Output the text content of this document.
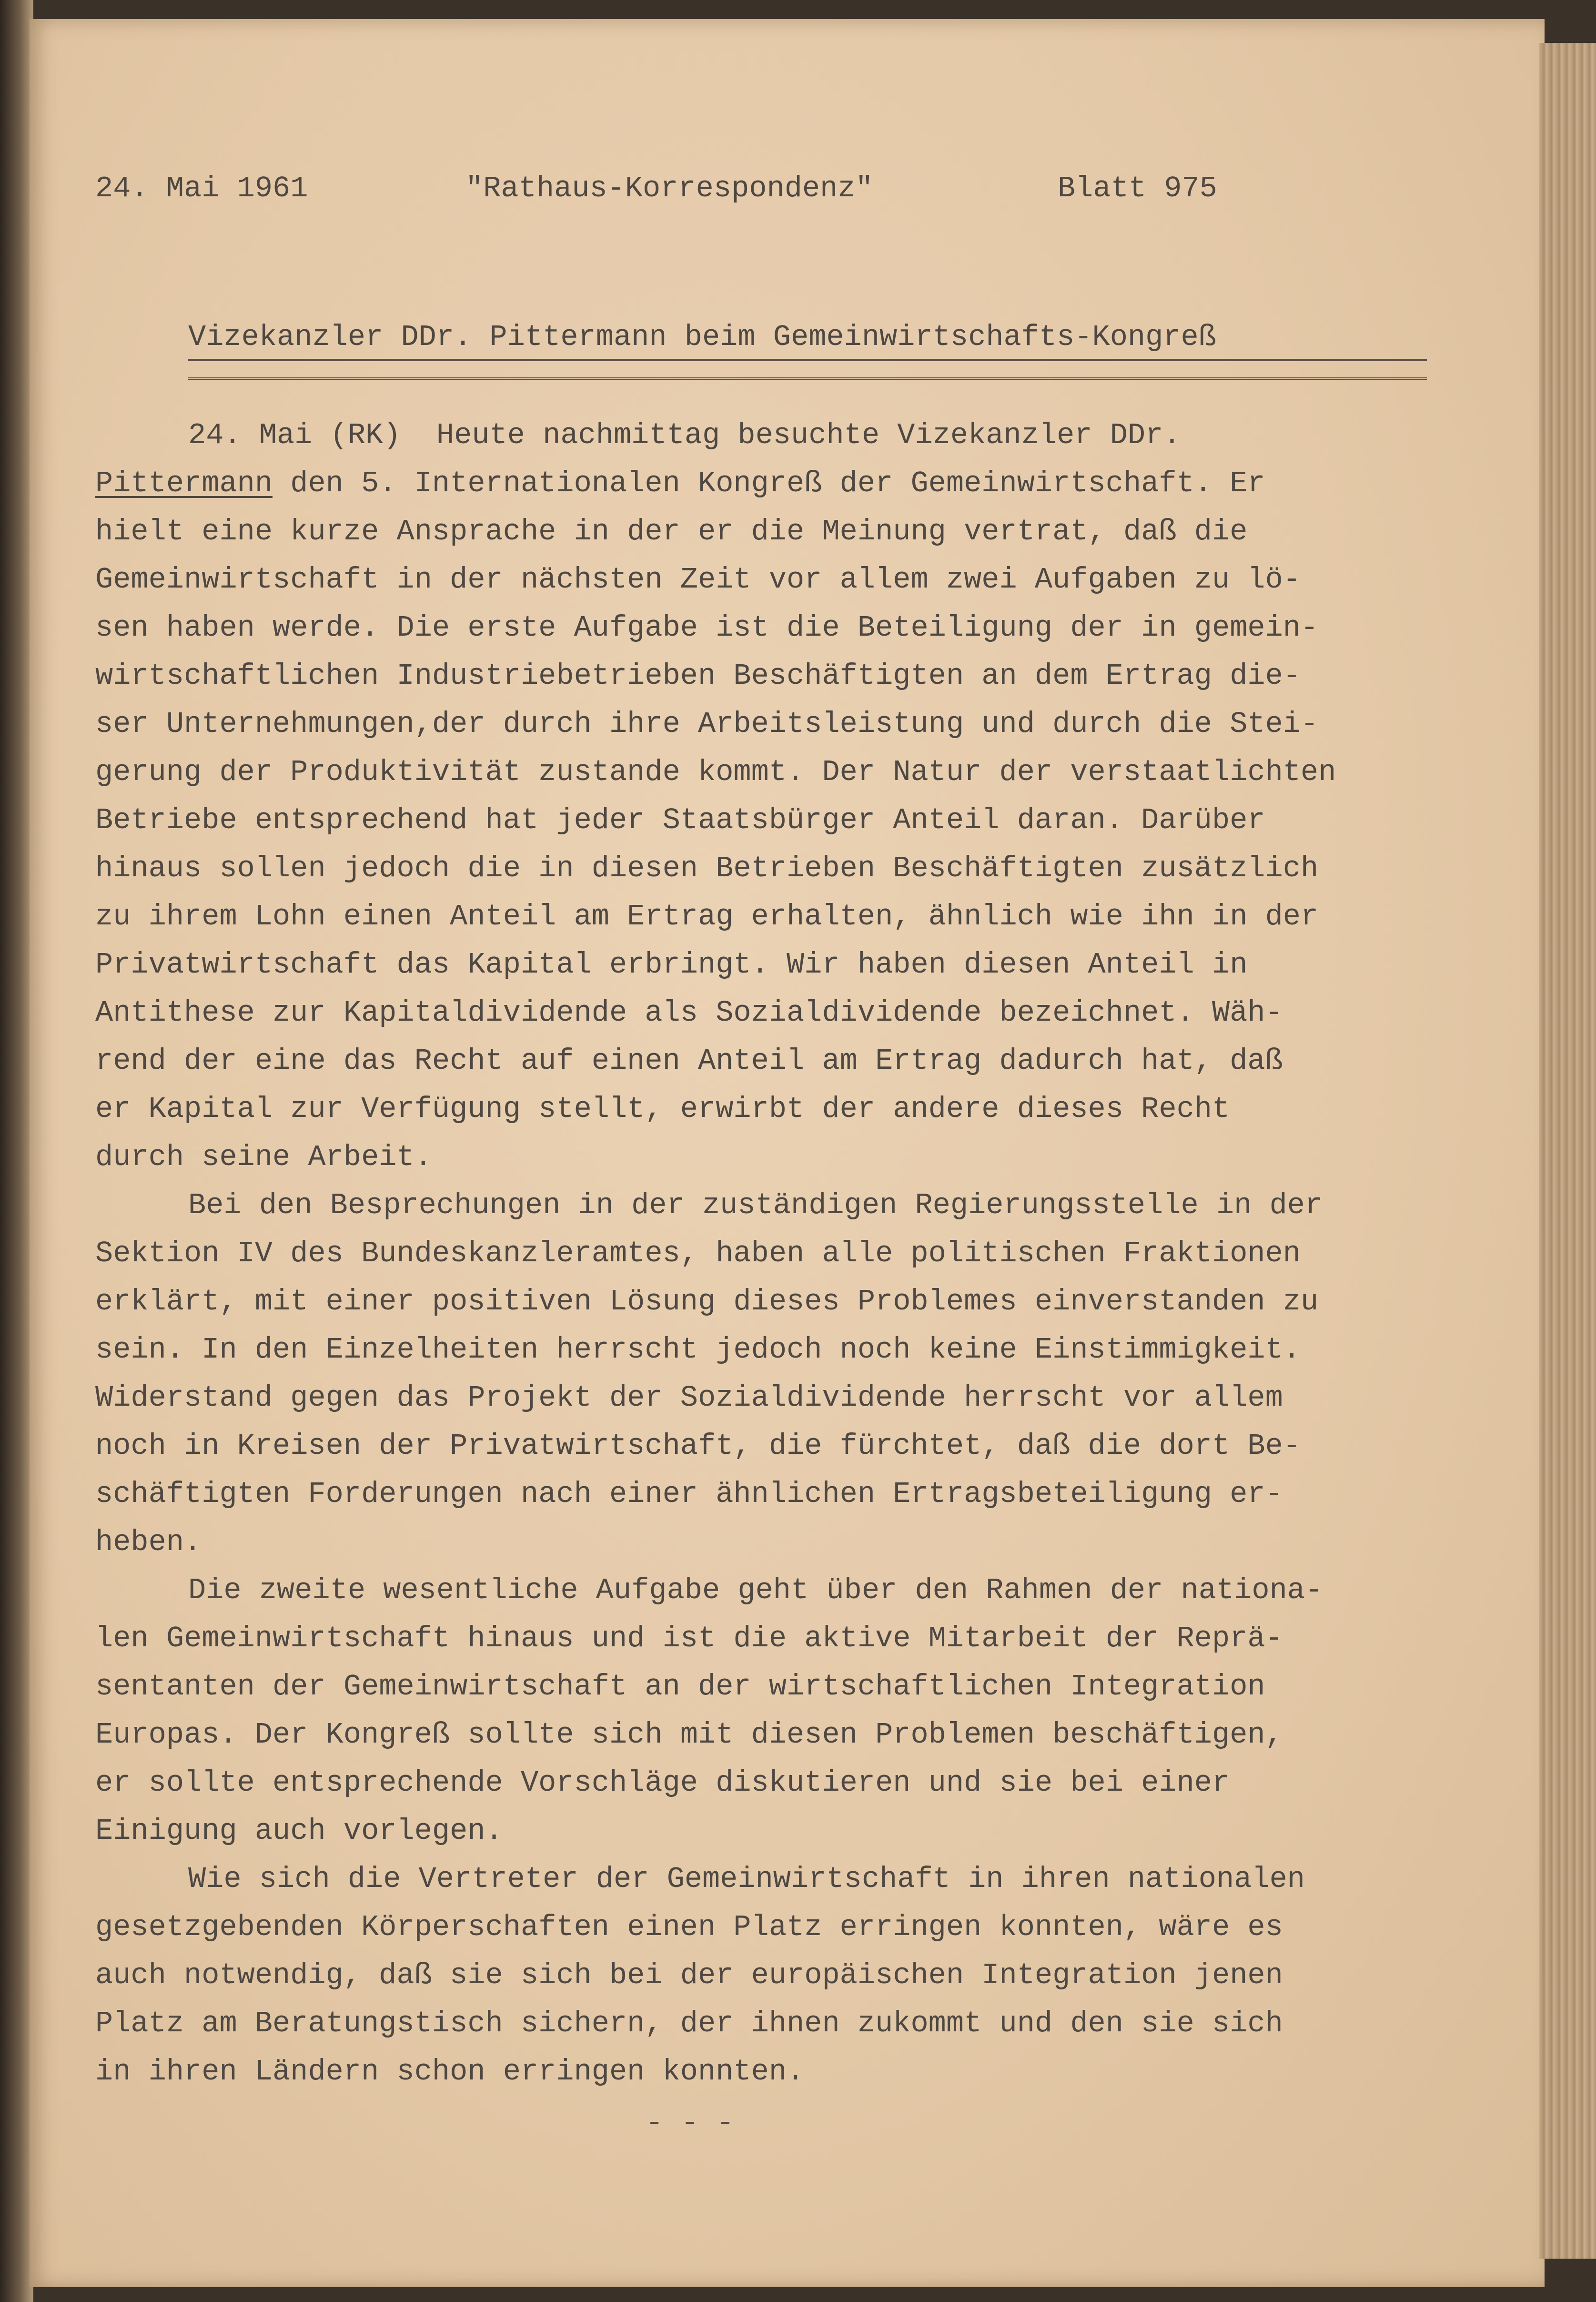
24. Mai 1961	"Rathaus-Korrespondenz"	Blatt 975
Vizekanzler DDr. Pittermann beim Gemeinwirtschafts-Kongreß
24. Mai (RK)  Heute nachmittag besuchte Vizekanzler DDr.
Pittermann den 5. Internationalen Kongreß der Gemeinwirtschaft. Er
hielt eine kurze Ansprache in der er die Meinung vertrat, daß die
Gemeinwirtschaft in der nächsten Zeit vor allem zwei Aufgaben zu lö-
sen haben werde. Die erste Aufgabe ist die Beteiligung der in gemein-
wirtschaftlichen Industriebetrieben Beschäftigten an dem Ertrag die-
ser Unternehmungen,der durch ihre Arbeitsleistung und durch die Stei-
gerung der Produktivität zustande kommt. Der Natur der verstaatlichten
Betriebe entsprechend hat jeder Staatsbürger Anteil daran. Darüber
hinaus sollen jedoch die in diesen Betrieben Beschäftigten zusätzlich
zu ihrem Lohn einen Anteil am Ertrag erhalten, ähnlich wie ihn in der
Privatwirtschaft das Kapital erbringt. Wir haben diesen Anteil in
Antithese zur Kapitaldividende als Sozialdividende bezeichnet. Wäh-
rend der eine das Recht auf einen Anteil am Ertrag dadurch hat, daß
er Kapital zur Verfügung stellt, erwirbt der andere dieses Recht
durch seine Arbeit.
Bei den Besprechungen in der zuständigen Regierungsstelle in der
Sektion IV des Bundeskanzleramtes, haben alle politischen Fraktionen
erklärt, mit einer positiven Lösung dieses Problemes einverstanden zu
sein. In den Einzelheiten herrscht jedoch noch keine Einstimmigkeit.
Widerstand gegen das Projekt der Sozialdividende herrscht vor allem
noch in Kreisen der Privatwirtschaft, die fürchtet, daß die dort Be-
schäftigten Forderungen nach einer ähnlichen Ertragsbeteiligung er-
heben.
Die zweite wesentliche Aufgabe geht über den Rahmen der nationa-
len Gemeinwirtschaft hinaus und ist die aktive Mitarbeit der Reprä-
sentanten der Gemeinwirtschaft an der wirtschaftlichen Integration
Europas. Der Kongreß sollte sich mit diesen Problemen beschäftigen,
er sollte entsprechende Vorschläge diskutieren und sie bei einer
Einigung auch vorlegen.
Wie sich die Vertreter der Gemeinwirtschaft in ihren nationalen
gesetzgebenden Körperschaften einen Platz erringen konnten, wäre es
auch notwendig, daß sie sich bei der europäischen Integration jenen
Platz am Beratungstisch sichern, der ihnen zukommt und den sie sich
in ihren Ländern schon erringen konnten.
- - -
